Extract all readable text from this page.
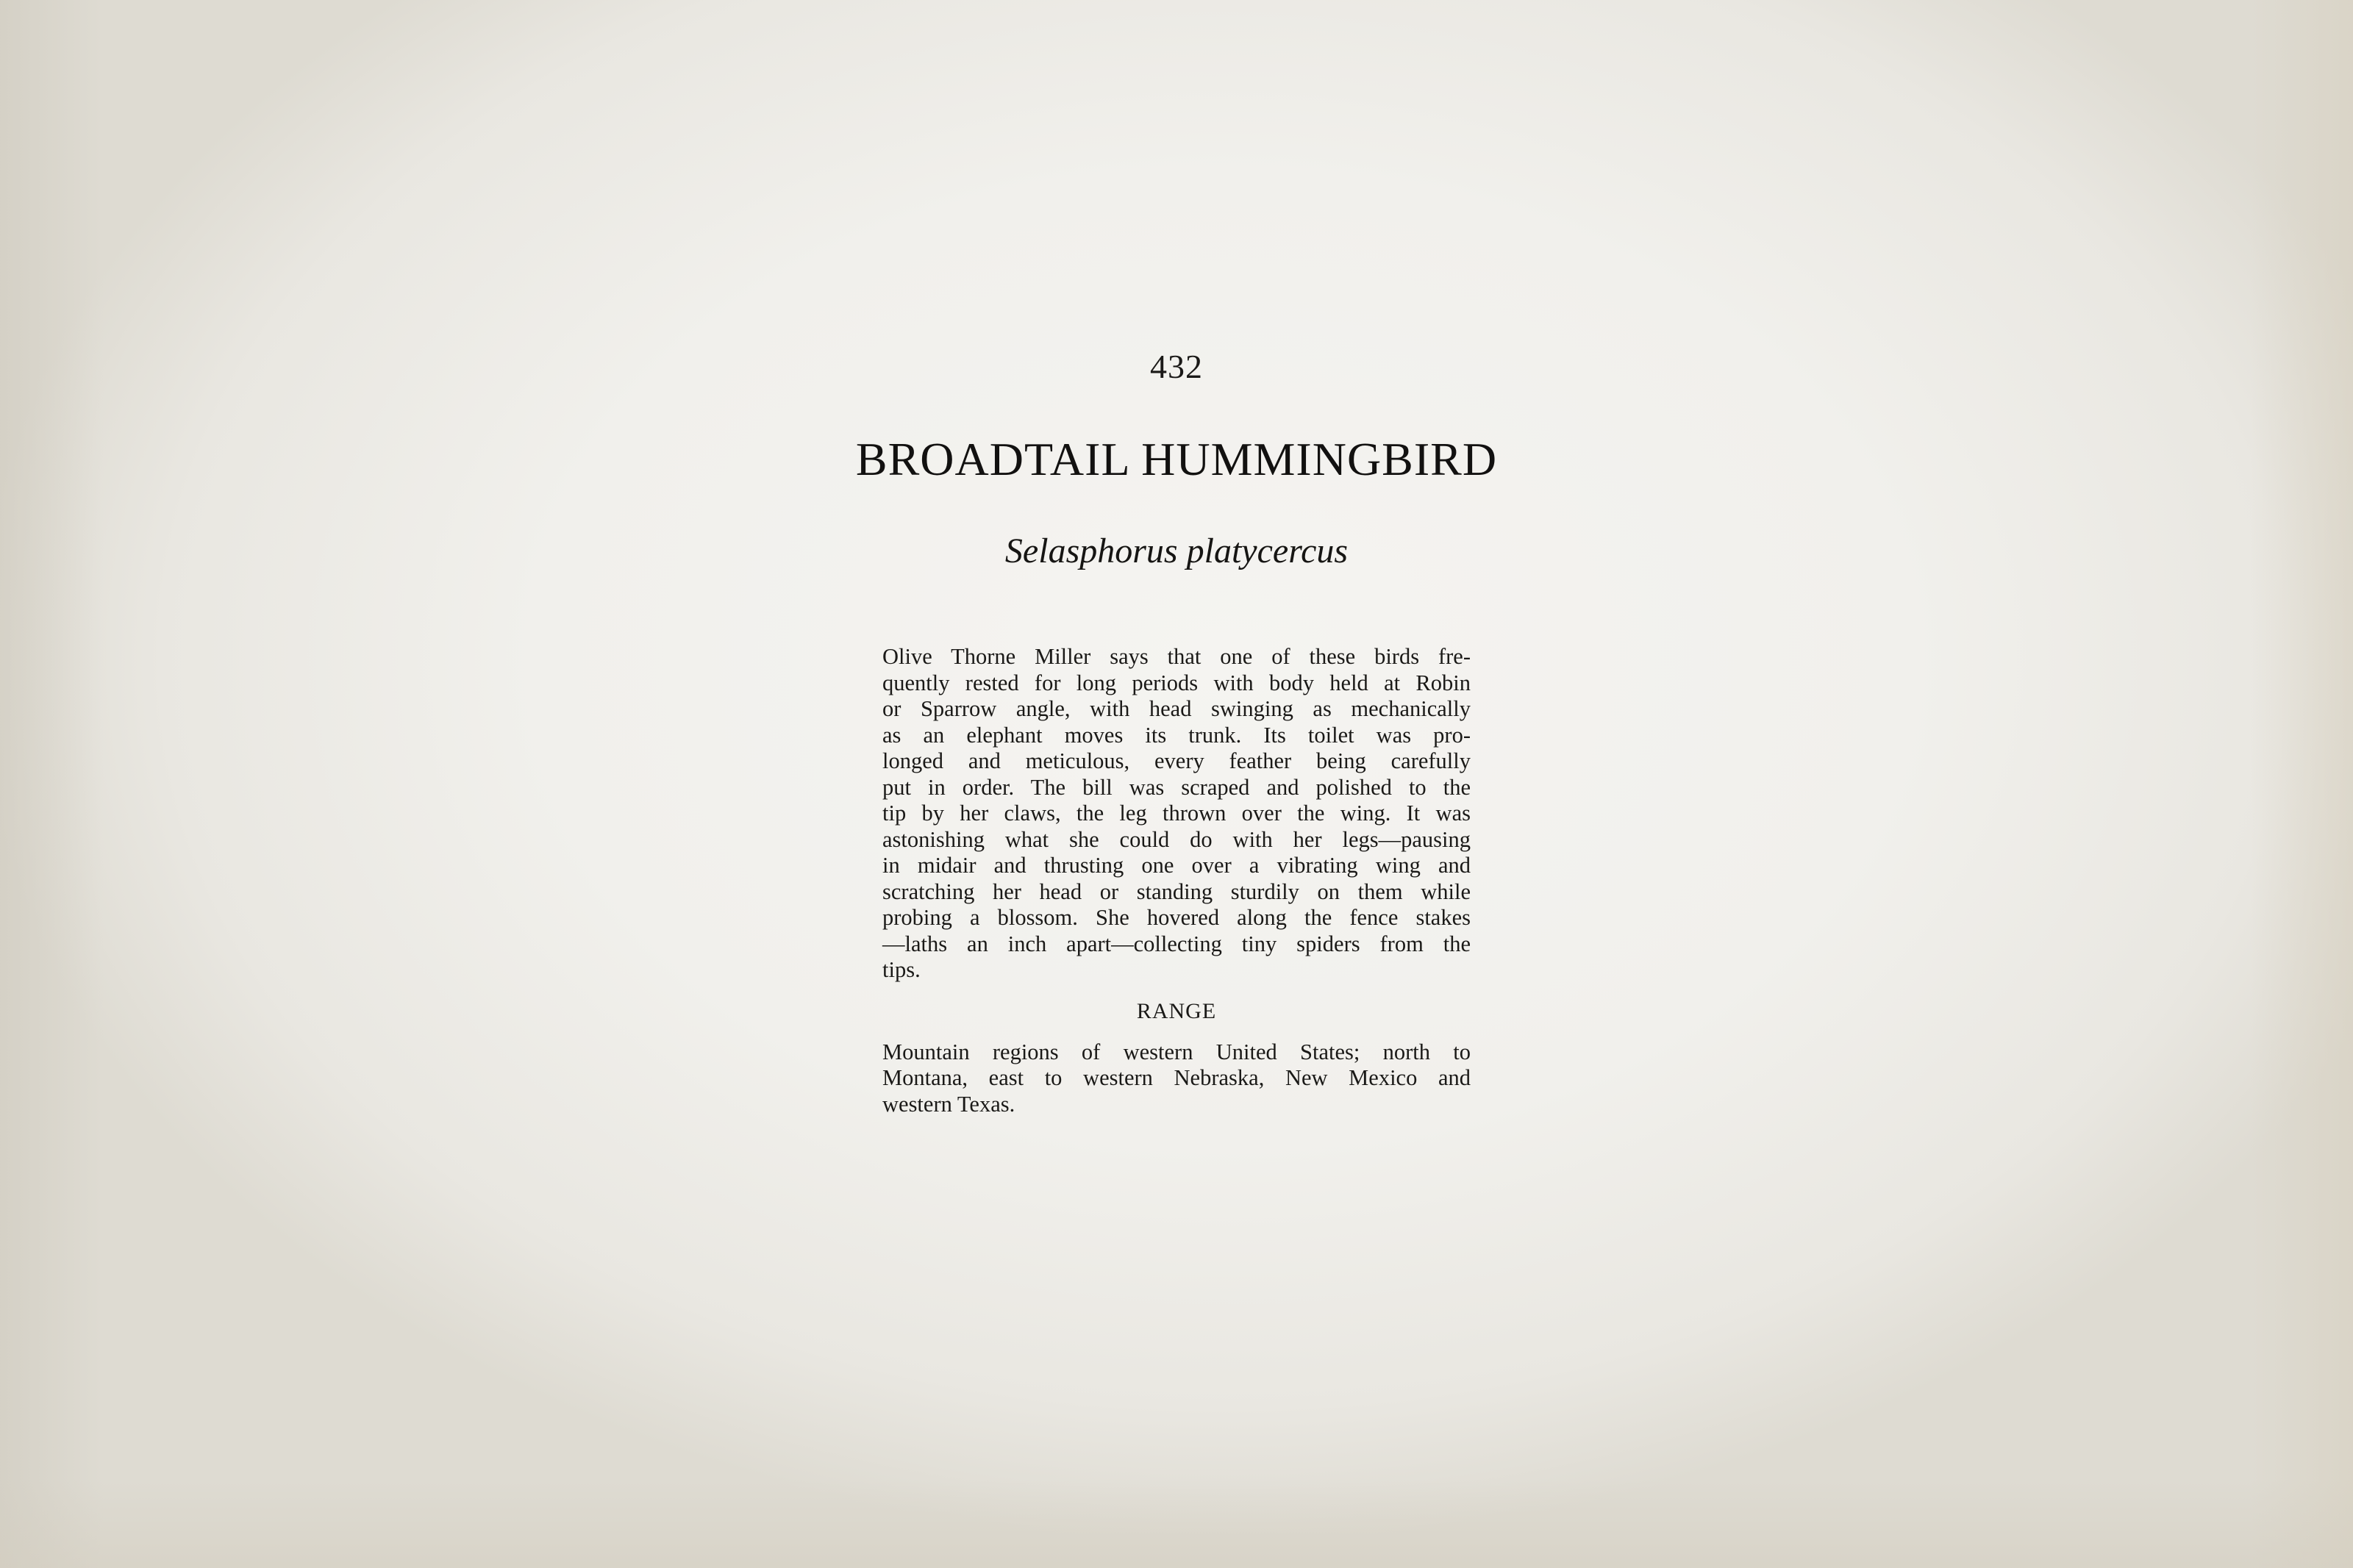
432
BROADTAIL HUMMINGBIRD
Selasphorus platycercus
Olive Thorne Miller says that one of these birds fre-
quently rested for long periods with body held at Robin
or Sparrow angle, with head swinging as mechanically
as an elephant moves its trunk. Its toilet was pro-
longed and meticulous, every feather being carefully
put in order. The bill was scraped and polished to the
tip by her claws, the leg thrown over the wing. It was
astonishing what she could do with her legs—pausing
in midair and thrusting one over a vibrating wing and
scratching her head or standing sturdily on them while
probing a blossom. She hovered along the fence stakes
—laths an inch apart—collecting tiny spiders from the
tips.
RANGE
Mountain regions of western United States; north to
Montana, east to western Nebraska, New Mexico and
western Texas.
